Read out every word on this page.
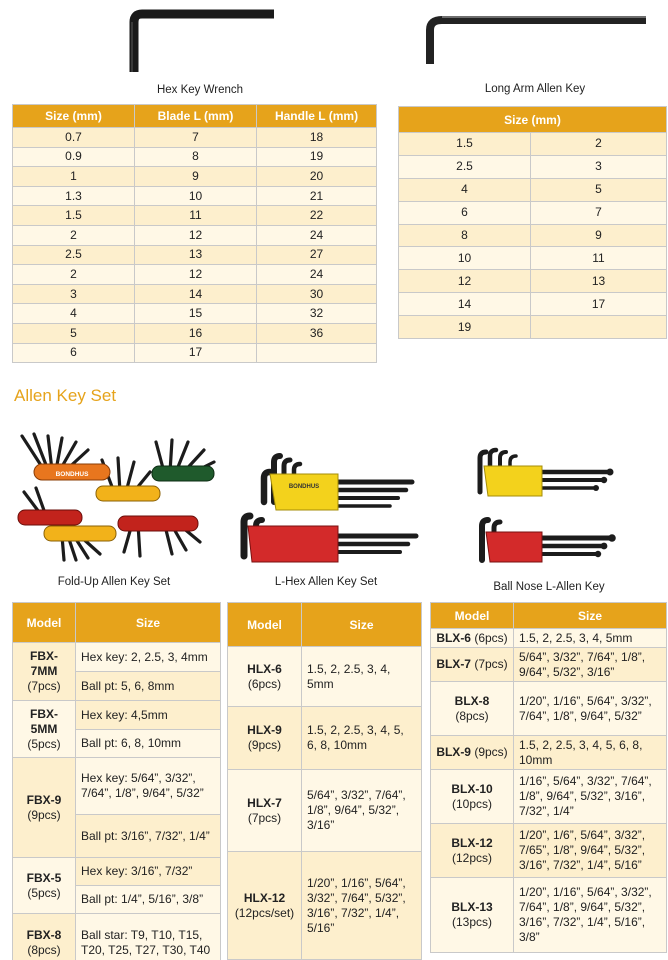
Hex Key Wrench	Long Arm Allen Key
Size (mm)	Blade L (mm)	Handle L (mm)
0.7	7	18
0.9	8	19
1	9	20
1.3	10	21
1.5	11	22
2	12	24
2.5	13	27
2	12	24
3	14	30
4	15	32
5	16	36
6	17	
Size (mm)	
1.5	2
2.5	3
4	5
6	7
8	9
10	11
12	13
14	17
19	
Allen Key Set
BONDHUS
Fold-Up Allen Key Set
BONDHUS
L-Hex Allen Key Set	Ball Nose L-Allen Key
Model	Size
FBX-7MM
(7pcs)	Hex key: 2, 2.5, 3, 4mm
	Ball pt: 5, 6, 8mm
FBX-5MM
(5pcs)	Hex key: 4,5mm
	Ball pt: 6, 8, 10mm
FBX-9
(9pcs)	Hex key: 5/64”, 3/32”, 7/64”, 1/8”, 9/64”, 5/32”
	Ball pt: 3/16”, 7/32”, 1/4”
FBX-5
(5pcs)	Hex key: 3/16”, 7/32”
	Ball pt: 1/4”, 5/16”, 3/8”
FBX-8
(8pcs)	Ball star: T9, T10, T15, T20, T25, T27, T30, T40
Model	Size
HLX-6
(6pcs)	1.5, 2, 2.5, 3, 4, 5mm
HLX-9
(9pcs)	1.5, 2, 2.5, 3, 4, 5, 6, 8, 10mm
HLX-7
(7pcs)	5/64”, 3/32”, 7/64”, 1/8”, 9/64”, 5/32”, 3/16”
HLX-12
(12pcs/set)	1/20”, 1/16”, 5/64”, 3/32”, 7/64”, 5/32”, 3/16”, 7/32”, 1/4”, 5/16”
Model	Size
BLX-6 (6pcs)	1.5, 2, 2.5, 3, 4, 5mm
BLX-7 (7pcs)	5/64”, 3/32”, 7/64”, 1/8”, 9/64”, 5/32”, 3/16”
BLX-8
(8pcs)	1/20”, 1/16”, 5/64”, 3/32”, 7/64”, 1/8”, 9/64”, 5/32”
BLX-9 (9pcs)	1.5, 2, 2.5, 3, 4, 5, 6, 8, 10mm
BLX-10
(10pcs)	1/16”, 5/64”, 3/32”, 7/64”, 1/8”, 9/64”, 5/32”, 3/16”, 7/32”, 1/4”
BLX-12
(12pcs)	1/20”, 1/6”, 5/64”, 3/32”, 7/65”, 1/8”, 9/64”, 5/32”, 3/16”, 7/32”, 1/4”, 5/16”
BLX-13
(13pcs)	1/20”, 1/16”, 5/64”, 3/32”, 7/64”, 1/8”, 9/64”, 5/32”, 3/16”, 7/32”, 1/4”, 5/16”, 3/8”
